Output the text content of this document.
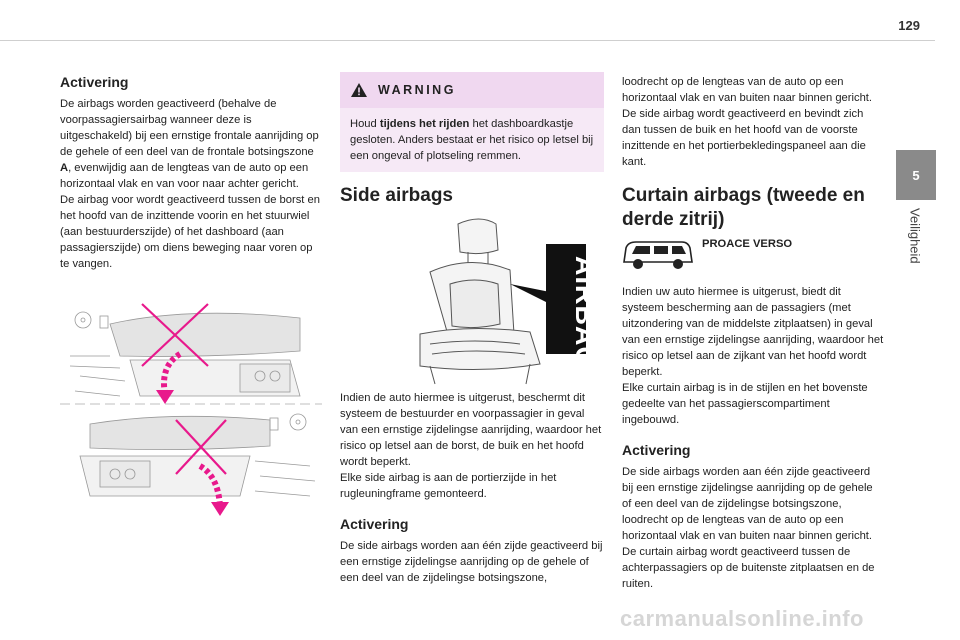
129
5
Veiligheid
Activering

De airbags worden geactiveerd (behalve de voorpassagiersairbag wanneer deze is uitgeschakeld) bij een ernstige frontale aanrijding op de gehele of een deel van de frontale botsingszone A, evenwijdig aan de lengteas van de auto op een horizontaal vlak en van voor naar achter gericht.

De airbag voor wordt geactiveerd tussen de borst en het hoofd van de inzittende voorin en het stuurwiel (aan bestuurderszijde) of het dashboard (aan passagierszijde) om diens beweging naar voren op te vangen.

WARNING
Houd tijdens het rijden het dashboardkastje gesloten. Anders bestaat er het risico op letsel bij een ongeval of plotseling remmen.
Side airbags
AIRBAG

Indien de auto hiermee is uitgerust, beschermt dit systeem de bestuurder en voorpassagier in geval van een ernstige zijdelingse aanrijding, waardoor het risico op letsel aan de borst, de buik en het hoofd wordt beperkt.

Elke side airbag is aan de portierzijde in het rugleuningframe gemonteerd.

Activering

De side airbags worden aan één zijde geactiveerd bij een ernstige zijdelingse aanrijding op de gehele of een deel van de zijdelingse botsingszone,

loodrecht op de lengteas van de auto op een horizontaal vlak en van buiten naar binnen gericht. De side airbag wordt geactiveerd en bevindt zich dan tussen de buik en het hoofd van de voorste inzittende en het portierbekledingspaneel aan die kant.

Curtain airbags (tweede en derde zitrij)
PROACE VERSO

Indien uw auto hiermee is uitgerust, biedt dit systeem bescherming aan de passagiers (met uitzondering van de middelste zitplaatsen) in geval van een ernstige zijdelingse aanrijding, waardoor het risico op letsel aan de zijkant van het hoofd wordt beperkt.

Elke curtain airbag is in de stijlen en het bovenste gedeelte van het passagierscompartiment ingebouwd.

Activering

De side airbags worden aan één zijde geactiveerd bij een ernstige zijdelingse aanrijding op de gehele of een deel van de zijdelingse botsingszone, loodrecht op de lengteas van de auto op een horizontaal vlak en van buiten naar binnen gericht. De curtain airbag wordt geactiveerd tussen de achterpassagiers op de buitenste zitplaatsen en de ruiten.

carmanualsonline.info
